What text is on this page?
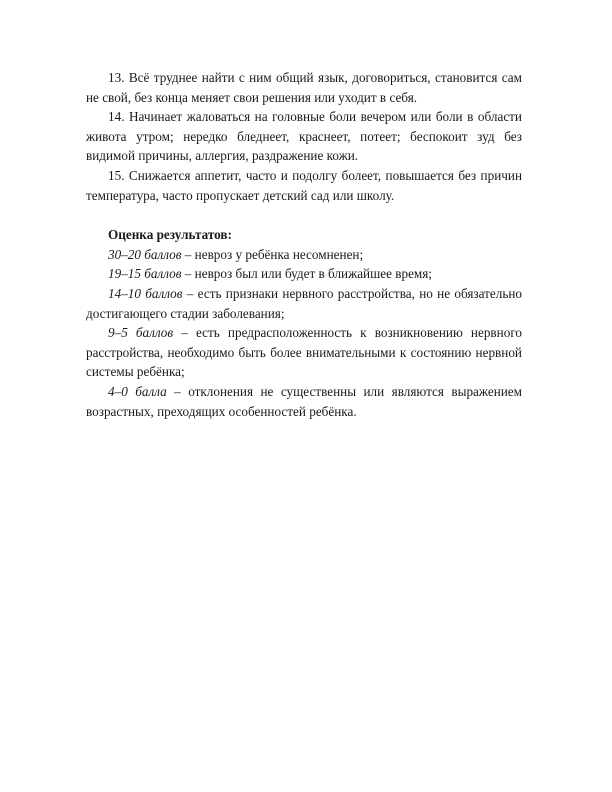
13. Всё труднее найти с ним общий язык, договориться, становится сам не свой, без конца меняет свои решения или уходит в себя.

14. Начинает жаловаться на головные боли вечером или боли в области живота утром; нередко бледнеет, краснеет, потеет; беспокоит зуд без видимой причины, аллергия, раздражение кожи.

15. Снижается аппетит, часто и подолгу болеет, повышается без причин температура, часто пропускает детский сад или школу.

Оценка результатов:

30–20 баллов – невроз у ребёнка несомненен;

19–15 баллов – невроз был или будет в ближайшее время;

14–10 баллов – есть признаки нервного расстройства, но не обязательно достигающего стадии заболевания;

9–5 баллов – есть предрасположенность к возникновению нервного расстройства, необходимо быть более внимательными к состоянию нервной системы ребёнка;

4–0 балла – отклонения не существенны или являются выражением возрастных, преходящих особенностей ребёнка.
